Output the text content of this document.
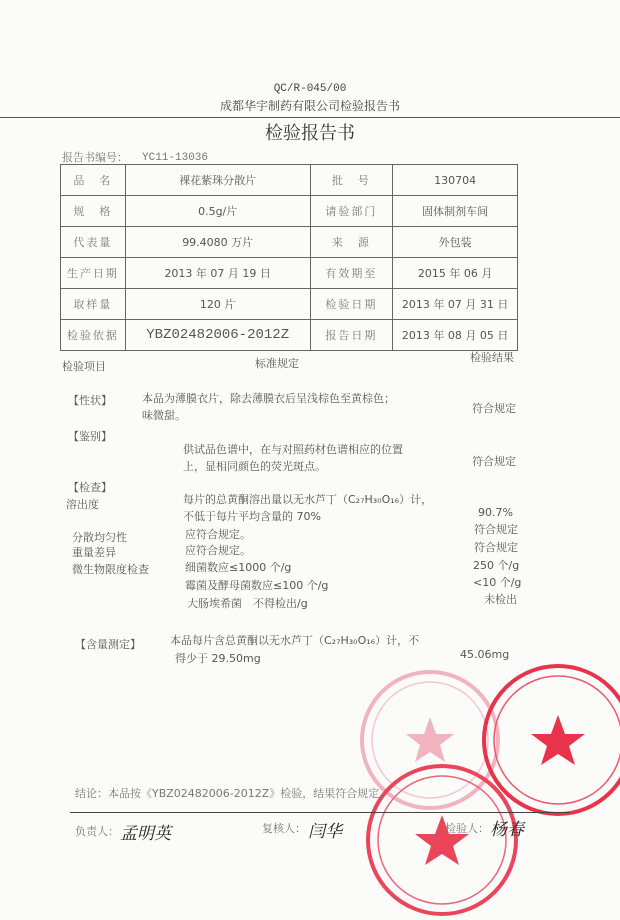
QC/R-045/00
成都华宇制药有限公司检验报告书
检验报告书
报告书编号： YC11-13036
品　名	裸花紫珠分散片	批　号	130704
规　格	0.5g/片	请验部门	固体制剂车间
代表量	99.4080 万片	来　源	外包装
生产日期	2013 年 07 月 19 日	有效期至	2015 年 06 月
取样量	120 片	检验日期	2013 年 07 月 31 日
检验依据	YBZ02482006-2012Z	报告日期	2013 年 08 月 05 日
检验项目	标准规定	检验结果
【性状】	本品为薄膜衣片，除去薄膜衣后呈浅棕色至黄棕色；
味微甜。
符合规定
【鉴别】
供试品色谱中，在与对照药材色谱相应的位置
上，显相同颜色的荧光斑点。	符合规定
【检查】
溶出度	每片的总黄酮溶出量以无水芦丁（C₂₇H₃₀O₁₆）计，
不低于每片平均含量的 70%	90.7%
分散均匀性	应符合规定。	符合规定
重量差异	应符合规定。	符合规定
微生物限度检查	细菌数应≤1000 个/g	250 个/g
霉菌及酵母菌数应≤100 个/g	<10 个/g
大肠埃希菌　不得检出/g	未检出
【含量测定】	本品每片含总黄酮以无水芦丁（C₂₇H₃₀O₁₆）计，不
得少于 29.50mg	45.06mg
结论：本品按《YBZ02482006-2012Z》检验，结果符合规定。
负责人： 孟明英	复核人： 闫华	检验人： 杨春
